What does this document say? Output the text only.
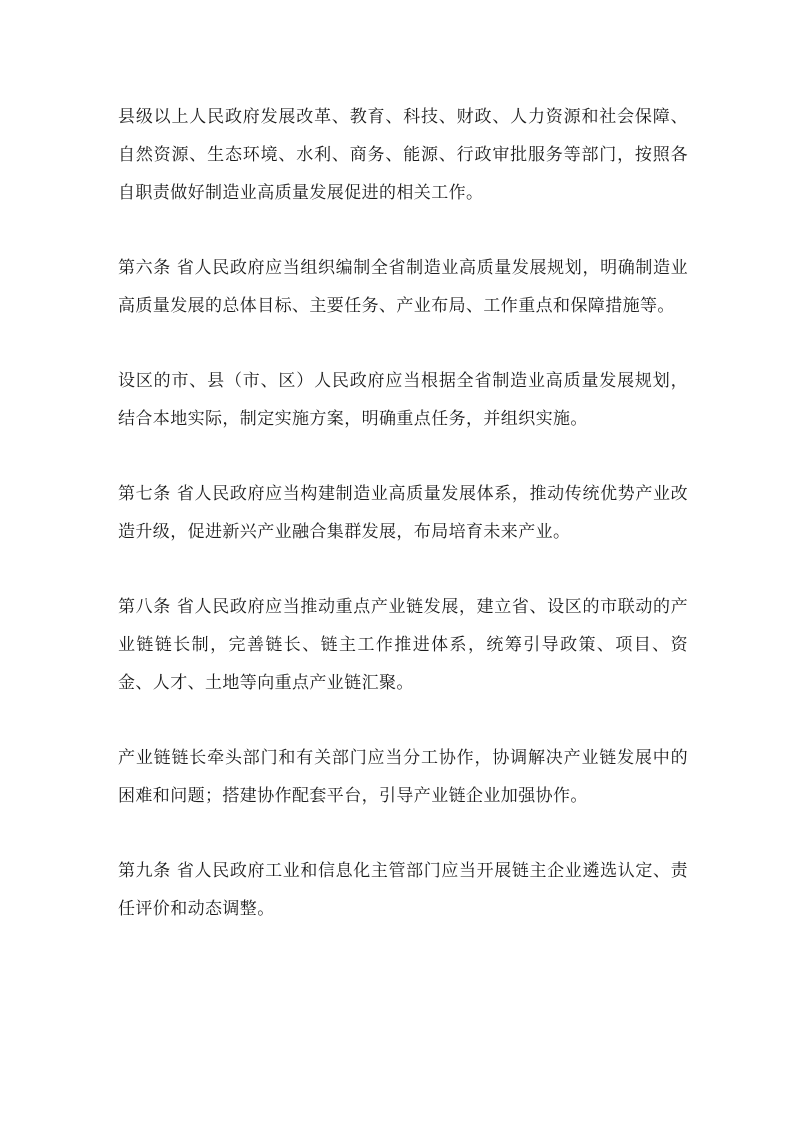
县级以上人民政府发展改革、教育、科技、财政、人力资源和社会保障、自然资源、生态环境、水利、商务、能源、行政审批服务等部门，按照各自职责做好制造业高质量发展促进的相关工作。

第六条 省人民政府应当组织编制全省制造业高质量发展规划，明确制造业高质量发展的总体目标、主要任务、产业布局、工作重点和保障措施等。

设区的市、县（市、区）人民政府应当根据全省制造业高质量发展规划，结合本地实际，制定实施方案，明确重点任务，并组织实施。

第七条 省人民政府应当构建制造业高质量发展体系，推动传统优势产业改造升级，促进新兴产业融合集群发展，布局培育未来产业。

第八条 省人民政府应当推动重点产业链发展，建立省、设区的市联动的产业链链长制，完善链长、链主工作推进体系，统筹引导政策、项目、资金、人才、土地等向重点产业链汇聚。

产业链链长牵头部门和有关部门应当分工协作，协调解决产业链发展中的困难和问题；搭建协作配套平台，引导产业链企业加强协作。

第九条 省人民政府工业和信息化主管部门应当开展链主企业遴选认定、责任评价和动态调整。
